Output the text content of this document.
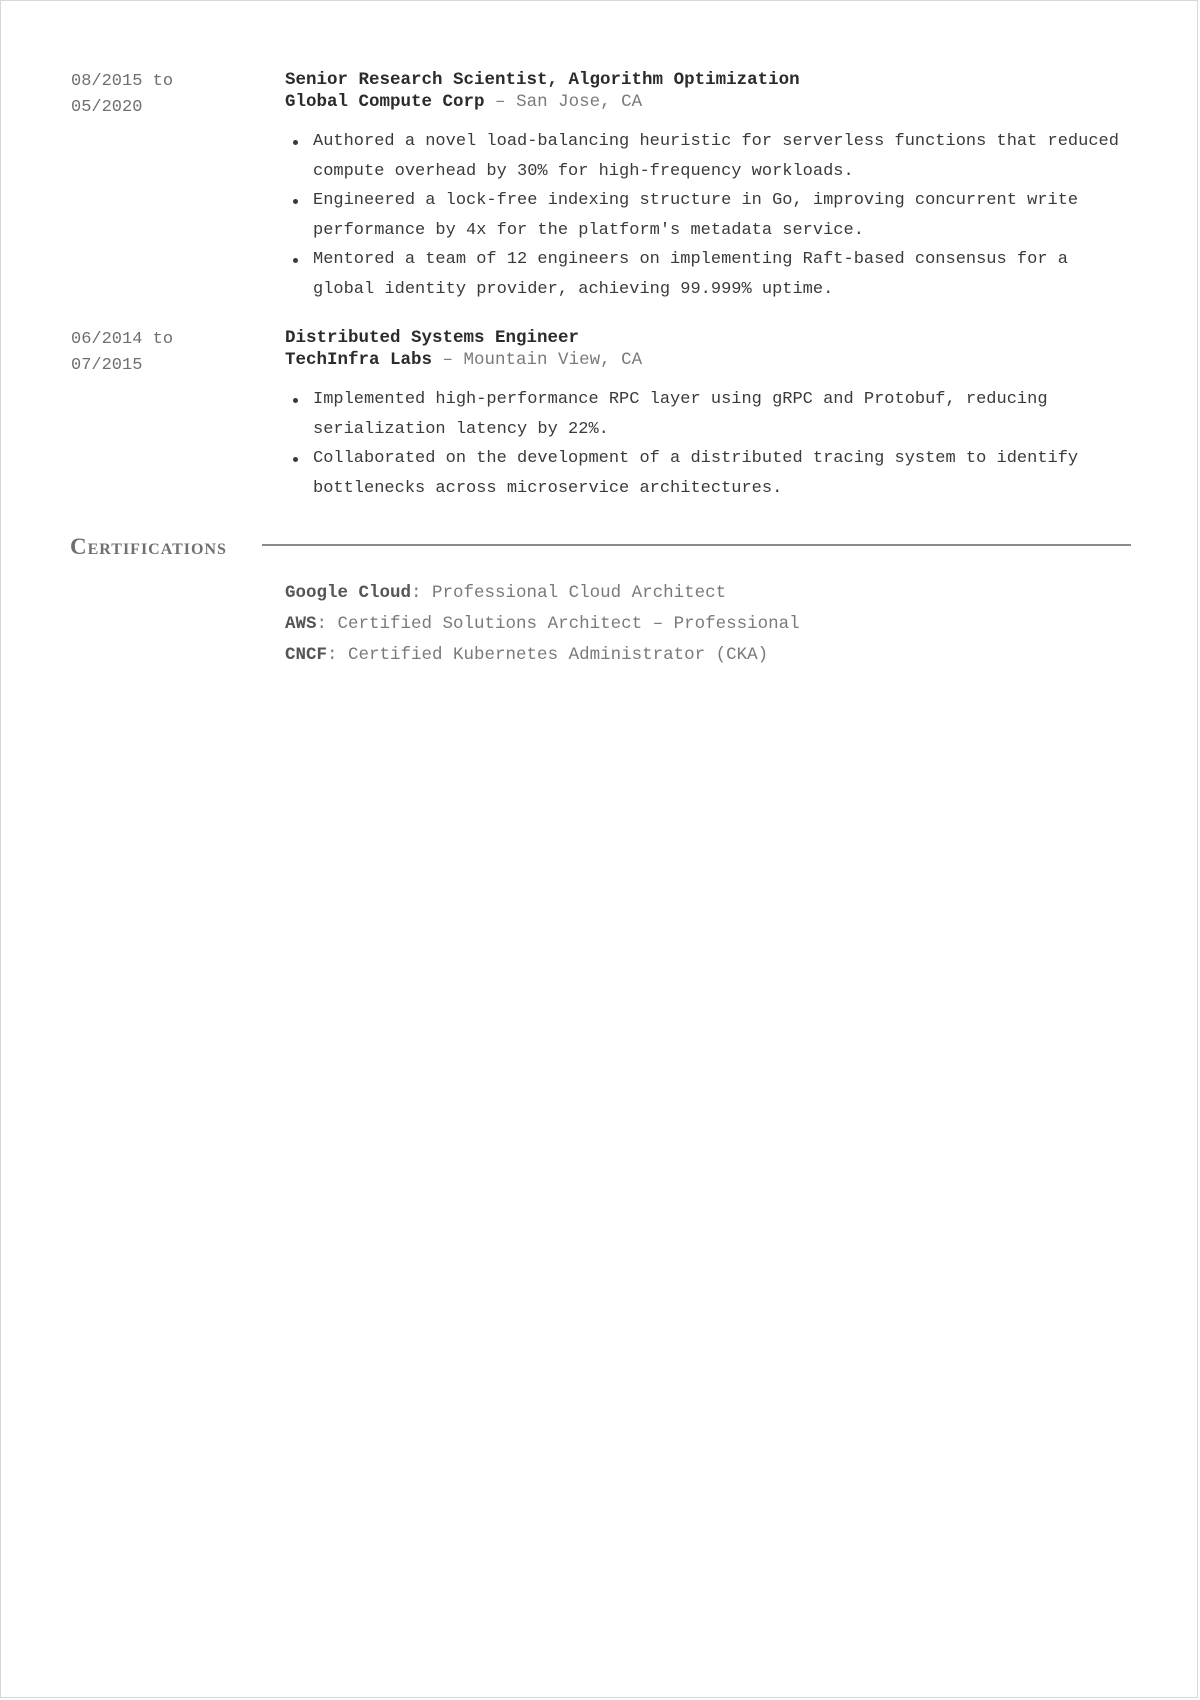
08/2015 to
05/2020
Senior Research Scientist, Algorithm Optimization
Global Compute Corp – San Jose, CA
Authored a novel load-balancing heuristic for serverless functions that reduced compute overhead by 30% for high-frequency workloads.
Engineered a lock-free indexing structure in Go, improving concurrent write performance by 4x for the platform's metadata service.
Mentored a team of 12 engineers on implementing Raft-based consensus for a global identity provider, achieving 99.999% uptime.
06/2014 to
07/2015
Distributed Systems Engineer
TechInfra Labs – Mountain View, CA
Implemented high-performance RPC layer using gRPC and Protobuf, reducing serialization latency by 22%.
Collaborated on the development of a distributed tracing system to identify bottlenecks across microservice architectures.
Certifications
Google Cloud: Professional Cloud Architect
AWS: Certified Solutions Architect – Professional
CNCF: Certified Kubernetes Administrator (CKA)
